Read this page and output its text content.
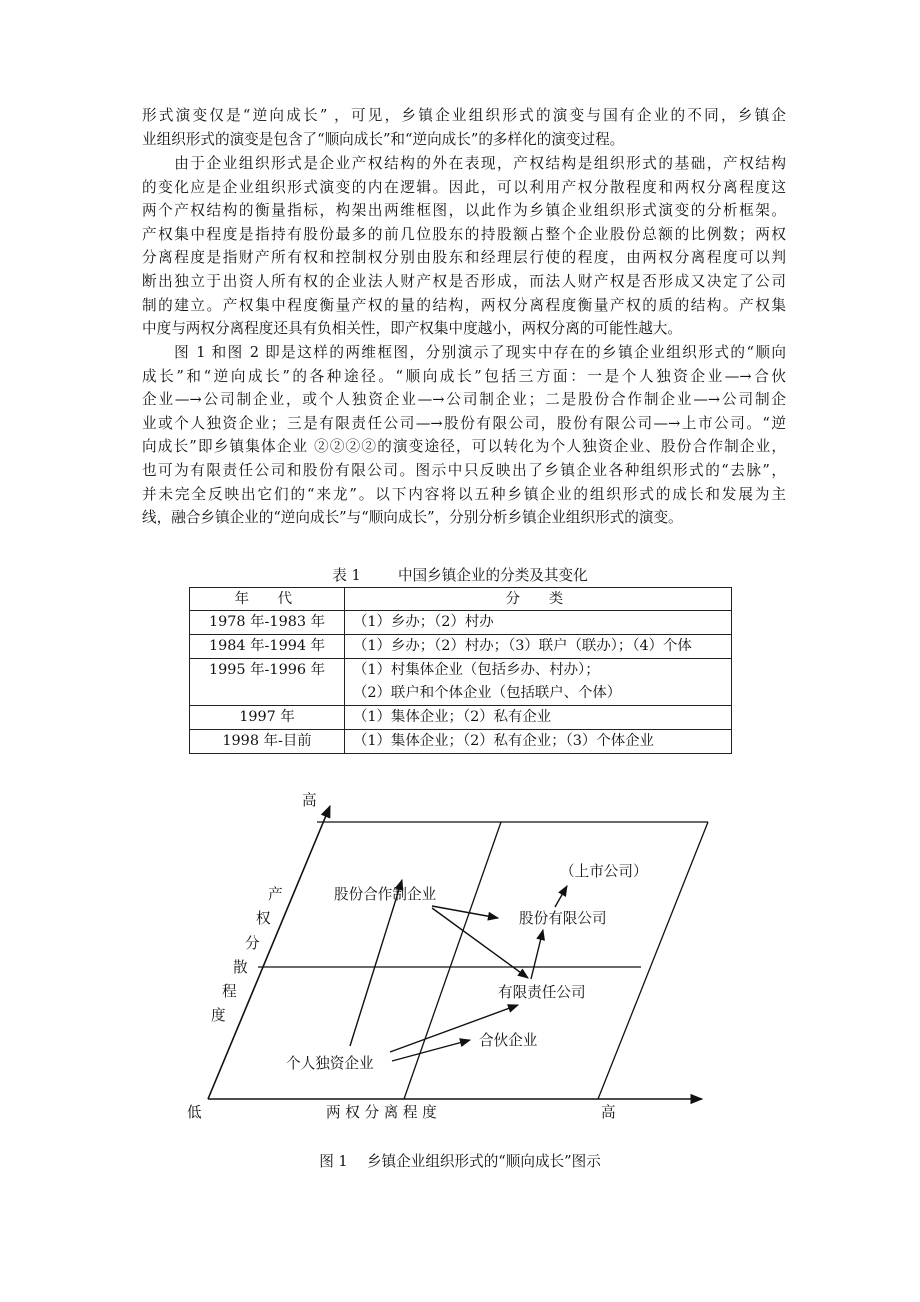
形式演变仅是“逆向成长” ，可见，乡镇企业组织形式的演变与国有企业的不同，乡镇企
业组织形式的演变是包含了“顺向成长”和“逆向成长”的多样化的演变过程。
　　由于企业组织形式是企业产权结构的外在表现，产权结构是组织形式的基础，产权结构
的变化应是企业组织形式演变的内在逻辑。因此，可以利用产权分散程度和两权分离程度这
两个产权结构的衡量指标，构架出两维框图，以此作为乡镇企业组织形式演变的分析框架。
产权集中程度是指持有股份最多的前几位股东的持股额占整个企业股份总额的比例数；两权
分离程度是指财产所有权和控制权分别由股东和经理层行使的程度，由两权分离程度可以判
断出独立于出资人所有权的企业法人财产权是否形成，而法人财产权是否形成又决定了公司
制的建立。产权集中程度衡量产权的量的结构，两权分离程度衡量产权的质的结构。产权集
中度与两权分离程度还具有负相关性，即产权集中度越小，两权分离的可能性越大。
　　图 1 和图 2 即是这样的两维框图，分别演示了现实中存在的乡镇企业组织形式的“顺向
成长”和“逆向成长”的各种途径。“顺向成长”包括三方面：一是个人独资企业—→合伙
企业—→公司制企业，或个人独资企业—→公司制企业；二是股份合作制企业—→公司制企
业或个人独资企业；三是有限责任公司—→股份有限公司，股份有限公司—→上市公司。“逆
向成长”即乡镇集体企业 ②②②②的演变途径，可以转化为个人独资企业、股份合作制企业，
也可为有限责任公司和股份有限公司。图示中只反映出了乡镇企业各种组织形式的“去脉”，
并未完全反映出它们的“来龙”。以下内容将以五种乡镇企业的组织形式的成长和发展为主
线，融合乡镇企业的“逆向成长”与“顺向成长”，分别分析乡镇企业组织形式的演变。
表 1	中国乡镇企业的分类及其变化
年　代	分　类
1978 年-1983 年	（1）乡办；（2）村办
1984 年-1994 年	（1）乡办；（2）村办；（3）联户（联办）；（4）个体
1995 年-1996 年	（1）村集体企业（包括乡办、村办）；
（2）联户和个体企业（包括联户、个体）

1997 年	（1）集体企业；（2）私有企业
1998 年-目前	（1）集体企业；（2）私有企业；（3）个体企业
高
产
权
分
散
程
度
低	两 权 分 离 程 度	高
（上市公司）
股份合作制企业
股份有限公司
有限责任公司
合伙企业
个人独资企业
图 1　 乡镇企业组织形式的“顺向成长”图示
